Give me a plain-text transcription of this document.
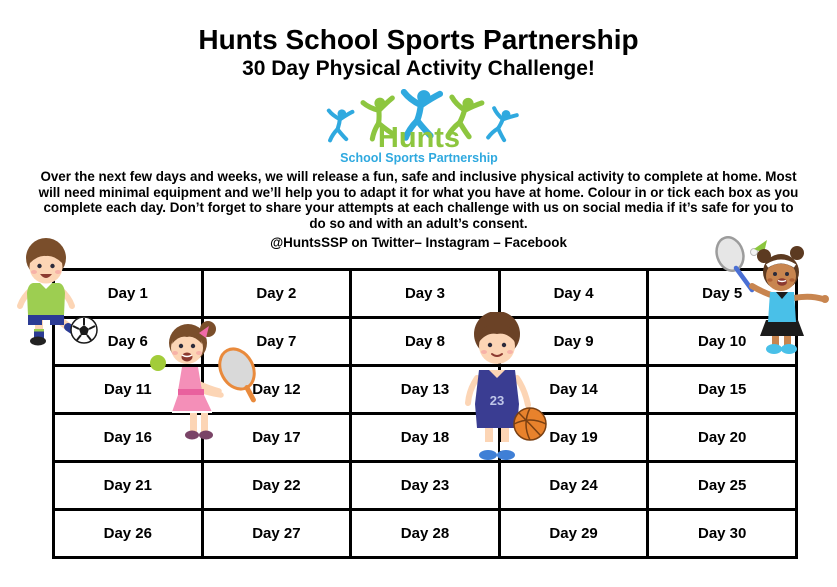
Hunts School Sports Partnership
30 Day Physical Activity Challenge!
Hunts
School Sports Partnership
Over the next few days and weeks, we will release a fun, safe and inclusive physical activity to complete at home. Most will need minimal equipment and we’ll help you to adapt it for what you have at home. Colour in or tick each box as you complete each day. Don’t forget to share your attempts at each challenge with us on social media if it’s safe for you to do so and with an adult’s consent.
@HuntsSSP on Twitter– Instagram – Facebook
Day 1	Day 2	Day 3	Day 4	Day 5
Day 6	Day 7	Day 8	Day 9	Day 10
Day 11	Day 12	Day 13	Day 14	Day 15
Day 16	Day 17	Day 18	Day 19	Day 20
Day 21	Day 22	Day 23	Day 24	Day 25
Day 26	Day 27	Day 28	Day 29	Day 30
23
